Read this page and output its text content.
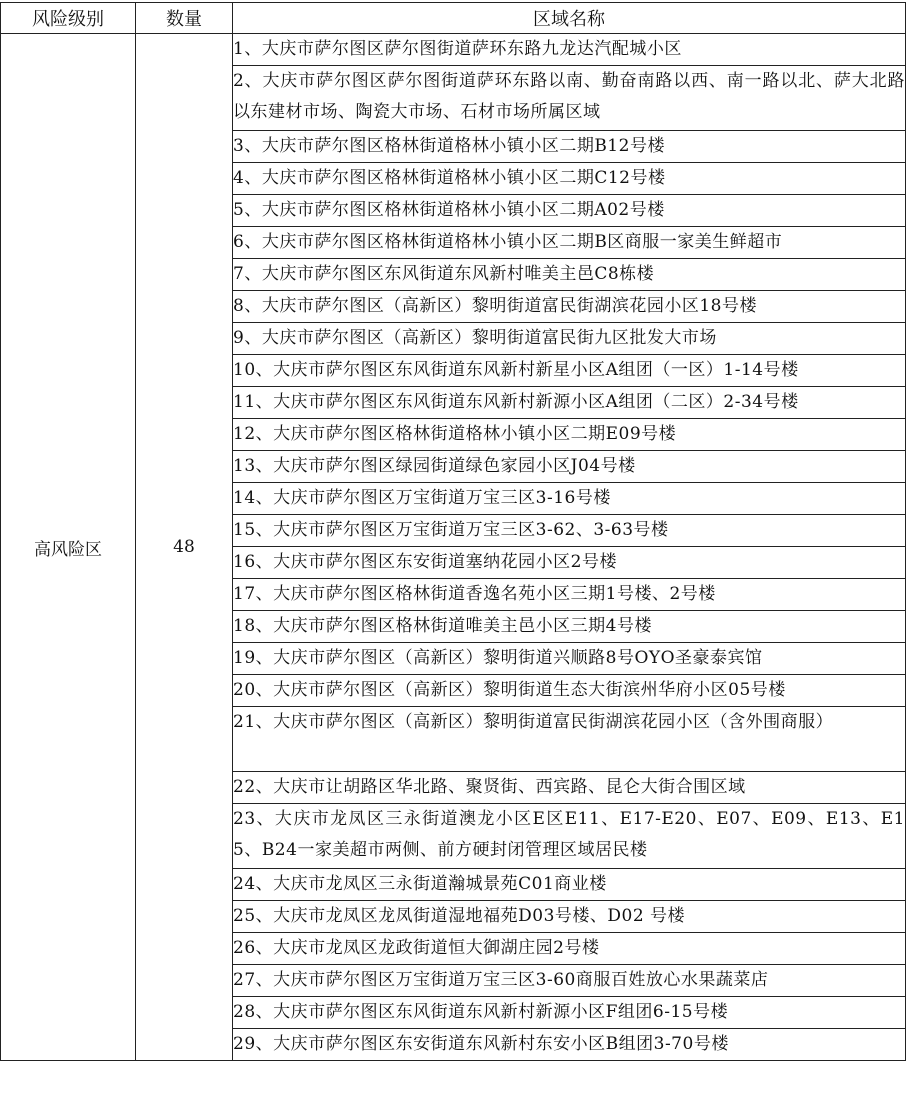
风险级别	数量	区域名称
高风险区	48	1、大庆市萨尔图区萨尔图街道萨环东路九龙达汽配城小区
		2、大庆市萨尔图区萨尔图街道萨环东路以南、勤奋南路以西、南一路以北、萨大北路以东建材市场、陶瓷大市场、石材市场所属区域
		3、大庆市萨尔图区格林街道格林小镇小区二期B12号楼
		4、大庆市萨尔图区格林街道格林小镇小区二期C12号楼
		5、大庆市萨尔图区格林街道格林小镇小区二期A02号楼
		6、大庆市萨尔图区格林街道格林小镇小区二期B区商服一家美生鲜超市
		7、大庆市萨尔图区东风街道东风新村唯美主邑C8栋楼
		8、大庆市萨尔图区（高新区）黎明街道富民街湖滨花园小区18号楼
		9、大庆市萨尔图区（高新区）黎明街道富民街九区批发大市场
		10、大庆市萨尔图区东风街道东风新村新星小区A组团（一区）1-14号楼
		11、大庆市萨尔图区东风街道东风新村新源小区A组团（二区）2-34号楼
		12、大庆市萨尔图区格林街道格林小镇小区二期E09号楼
		13、大庆市萨尔图区绿园街道绿色家园小区J04号楼
		14、大庆市萨尔图区万宝街道万宝三区3-16号楼
		15、大庆市萨尔图区万宝街道万宝三区3-62、3-63号楼
		16、大庆市萨尔图区东安街道塞纳花园小区2号楼
		17、大庆市萨尔图区格林街道香逸名苑小区三期1号楼、2号楼
		18、大庆市萨尔图区格林街道唯美主邑小区三期4号楼
		19、大庆市萨尔图区（高新区）黎明街道兴顺路8号OYO圣豪泰宾馆
		20、大庆市萨尔图区（高新区）黎明街道生态大街滨州华府小区05号楼
		21、大庆市萨尔图区（高新区）黎明街道富民街湖滨花园小区（含外围商服）
		22、大庆市让胡路区华北路、聚贤街、西宾路、昆仑大街合围区域
		23、大庆市龙凤区三永街道澳龙小区E区E11、E17-E20、E07、E09、E13、E15、B24一家美超市两侧、前方硬封闭管理区域居民楼
		24、大庆市龙凤区三永街道瀚城景苑C01商业楼
		25、大庆市龙凤区龙凤街道湿地福苑D03号楼、D02 号楼
		26、大庆市龙凤区龙政街道恒大御湖庄园2号楼
		27、大庆市萨尔图区万宝街道万宝三区3-60商服百姓放心水果蔬菜店
		28、大庆市萨尔图区东风街道东风新村新源小区F组团6-15号楼
		29、大庆市萨尔图区东安街道东风新村东安小区B组团3-70号楼
